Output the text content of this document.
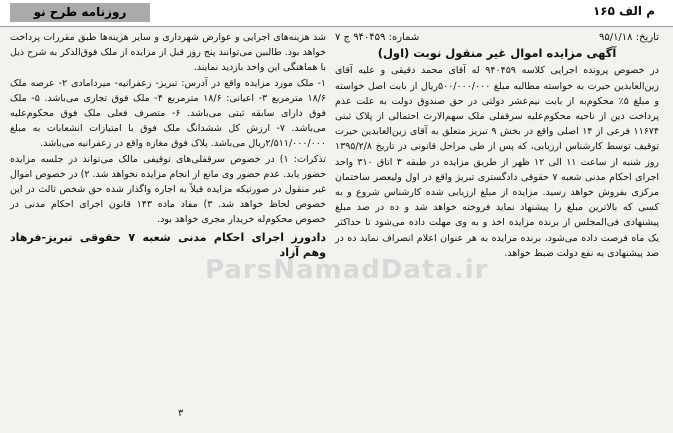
روزنامه طرح نو	م الف ۱۶۵
تاریخ: ۹۵/۱/۱۸
شماره: ۹۴۰۴۵۹ ج ۷
آگهی مزایده اموال غیر منقول نوبت (اول)

در خصوص پرونده اجرایی کلاسه ۹۴۰۴۵۹ له آقای محمد دقیقی و علیه آقای زین‌العابدین حیرت به خواسته مطالبه مبلغ ۵۰۰/۰۰۰/۰۰۰ریال از بابت اصل خواسته و مبلغ ۵٪ محکوم‌به از بابت نیم‌عشر دولتی در حق صندوق دولت به علت عدم پرداخت دین از ناحیه محکوم‌علیه سرقفلی ملک سهم‌الارث احتمالی از پلاک ثبتی ۱۱۶۷۴ فرعی از ۱۴ اصلی واقع در بخش ۹ تبریز متعلق به آقای زین‌العابدین حیرت توقیف توسط کارشناس ارزیابی، که پس از طی مراحل قانونی در تاریخ ۱۳۹۵/۲/۸ روز شنبه از ساعت ۱۱ الی ۱۲ ظهر از طریق مزایده در طبقه ۳ اتاق ۳۱۰ واحد اجرای احکام مدنی شعبه ۷ حقوقی دادگستری تبریز واقع در اول ولیعصر ساختمان مرکزی بفروش خواهد رسید. مزایده از مبلغ ارزیابی شده کارشناس شروع و به کسی که بالاترین مبلغ را پیشنهاد نماید فروخته خواهد شد و ده در صد مبلغ پیشنهادی فی‌المجلس از برنده مزایده اخذ و به وی مهلت داده می‌شود تا حداکثر یک ماه فرصت داده می‌شود، برنده مزایده به هر عنوان اعلام انصراف نماید ده در صد پیشنهادی به نفع دولت ضبط خواهد.

شد هزینه‌های اجرایی و عوارض شهرداری و سایر هزینه‌ها طبق مقررات پرداخت خواهد بود. طالبین می‌توانند پنج روز قبل از مزایده از ملک فوق‌الذکر به شرح ذیل با هماهنگی این واحد بازدید نمایند.

۱- ملک مورد مزایده واقع در آدرس: تبریز- زعفرانیه- میردامادی ۲- عرصه ملک ۱۸/۶ مترمربع ۳- اعیانی: ۱۸/۶ مترمربع ۴- ملک فوق تجاری می‌باشد. ۵- ملک فوق دارای سابقه ثبتی می‌باشد. ۶- متصرف فعلی ملک فوق محکوم‌علیه می‌باشد. ۷- ارزش کل ششدانگ ملک فوق با امتیازات انشعابات به مبلغ ۲/۵۱۱/۰۰۰/۰۰۰ریال می‌باشد. پلاک فوق مغازه واقع در زعفرانیه می‌باشد.

تذکرات: ۱) در خصوص سرقفلی‌های توقیفی مالک می‌تواند در جلسه مزایده حضور یابد. عدم حضور وی مانع از انجام مزایده نخواهد شد. ۲) در خصوص اموال غیر منقول در صورتیکه مزایده قبلاً به اجاره واگذار شده حق شخص ثالث در این خصوص لحاظ خواهد شد. ۳) مفاد ماده ۱۴۳ قانون اجرای احکام مدنی در خصوص محکوم‌له خریدار مجری خواهد بود.

دادورز اجرای احکام مدنی شعبه ۷ حقوقی تبریز-فرهاد وهم آزاد
۳
ParsNamadData.ir
